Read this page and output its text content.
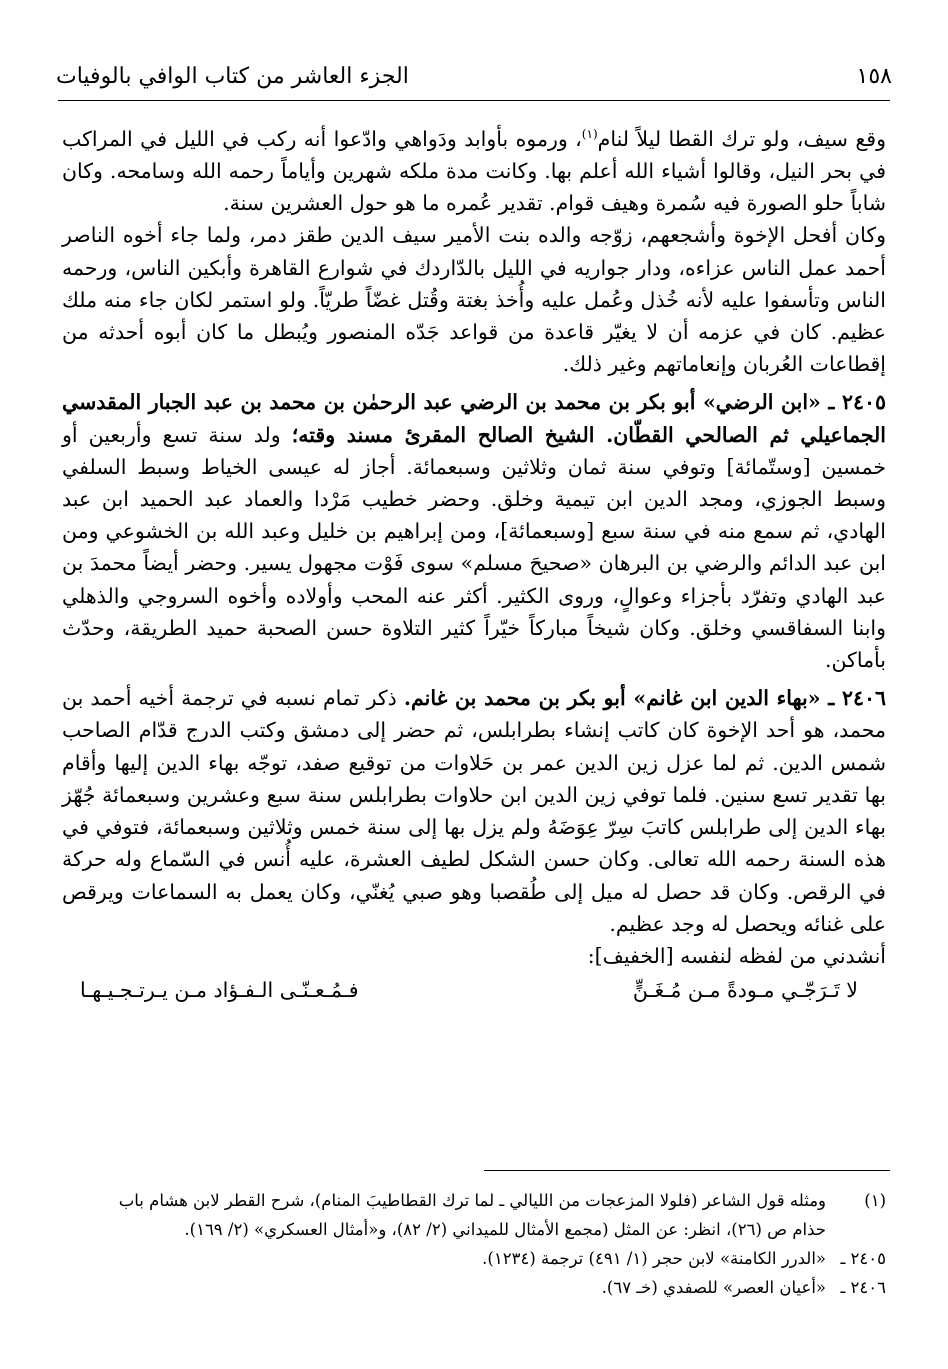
١٥٨
الجزء العاشر من كتاب الوافي بالوفيات

وقع سيف، ولو ترك القطا ليلاً لنام$^{(١)}$، ورموه بأوابد ودَواهي وادّعوا أنه ركب في الليل في المراكب في بحر النيل، وقالوا أشياء الله أعلم بها. وكانت مدة ملكه شهرين وأياماً رحمه الله وسامحه. وكان شاباً حلو الصورة فيه سُمرة وهيف قوام. تقدير عُمره ما هو حول العشرين سنة.

وكان أفحل الإخوة وأشجعهم، زوّجه والده بنت الأمير سيف الدين طقز دمر، ولما جاء أخوه الناصر أحمد عمل الناس عزاءه، ودار جواريه في الليل بالدّاردك في شوارع القاهرة وأبكين الناس، ورحمه الناس وتأسفوا عليه لأنه خُذل وعُمل عليه وأُخذ بغتة وقُتل غضّاً طريّاً. ولو استمر لكان جاء منه ملك عظيم. كان في عزمه أن لا يغيّر قاعدة من قواعد جَدّه المنصور ويُبطل ما كان أبوه أحدثه من إقطاعات العُربان وإنعاماتهم وغير ذلك.

٢٤٠٥ ـ «ابن الرضي» أبو بكر بن محمد بن الرضي عبد الرحمٰن بن محمد بن عبد الجبار المقدسي الجماعيلي ثم الصالحي القطّان. الشيخ الصالح المقرئ مسند وقته؛ ولد سنة تسع وأربعين أو خمسين [وستّمائة] وتوفي سنة ثمان وثلاثين وسبعمائة. أجاز له عيسى الخياط وسبط السلفي وسبط الجوزي، ومجد الدين ابن تيمية وخلق. وحضر خطيب مَرْدا والعماد عبد الحميد ابن عبد الهادي، ثم سمع منه في سنة سبع [وسبعمائة]، ومن إبراهيم بن خليل وعبد الله بن الخشوعي ومن ابن عبد الدائم والرضي بن البرهان «صحيحَ مسلم» سوى فَوْت مجهول يسير. وحضر أيضاً محمدَ بن عبد الهادي وتفرّد بأجزاء وعوالٍ، وروى الكثير. أكثر عنه المحب وأولاده وأخوه السروجي والذهلي وابنا السفاقسي وخلق. وكان شيخاً مباركاً خيّراً كثير التلاوة حسن الصحبة حميد الطريقة، وحدّث بأماكن.

٢٤٠٦ ـ «بهاء الدين ابن غانم» أبو بكر بن محمد بن غانم. ذكر تمام نسبه في ترجمة أخيه أحمد بن محمد، هو أحد الإخوة كان كاتب إنشاء بطرابلس، ثم حضر إلى دمشق وكتب الدرج قدّام الصاحب شمس الدين. ثم لما عزل زين الدين عمر بن حَلاوات من توقيع صفد، توجّه بهاء الدين إليها وأقام بها تقدير تسع سنين. فلما توفي زين الدين ابن حلاوات بطرابلس سنة سبع وعشرين وسبعمائة جُهّز بهاء الدين إلى طرابلس كاتبَ سِرّ عِوَضَهُ ولم يزل بها إلى سنة خمس وثلاثين وسبعمائة، فتوفي في هذه السنة رحمه الله تعالى. وكان حسن الشكل لطيف العشرة، عليه أُنس في السّماع وله حركة في الرقص. وكان قد حصل له ميل إلى طُقصبا وهو صبي يُغنّي، وكان يعمل به السماعات ويرقص على غنائه ويحصل له وجد عظيم.

أنشدني من لفظه لنفسه [الخفيف]:

لا تَـرَجّـي مـودةً مـن مُـغَـنٍّ
فـمُـعـنّـى الـفـؤاد مـن يـرتـجـيـهـا
(١)
ومثله قول الشاعر (فلولا المزعجات من الليالي ـ لما ترك القطاطيبَ المنام)، شرح القطر لابن هشام باب
حذام ص (٢٦)، انظر: عن المثل (مجمع الأمثال للميداني (٢/ ٨٢)، و«أمثال العسكري» (٢/ ١٦٩).
٢٤٠٥ ـ
«الدرر الكامنة» لابن حجر (١/ ٤٩١) ترجمة (١٢٣٤).
٢٤٠٦ ـ
«أعيان العصر» للصفدي (خـ ٦٧).
